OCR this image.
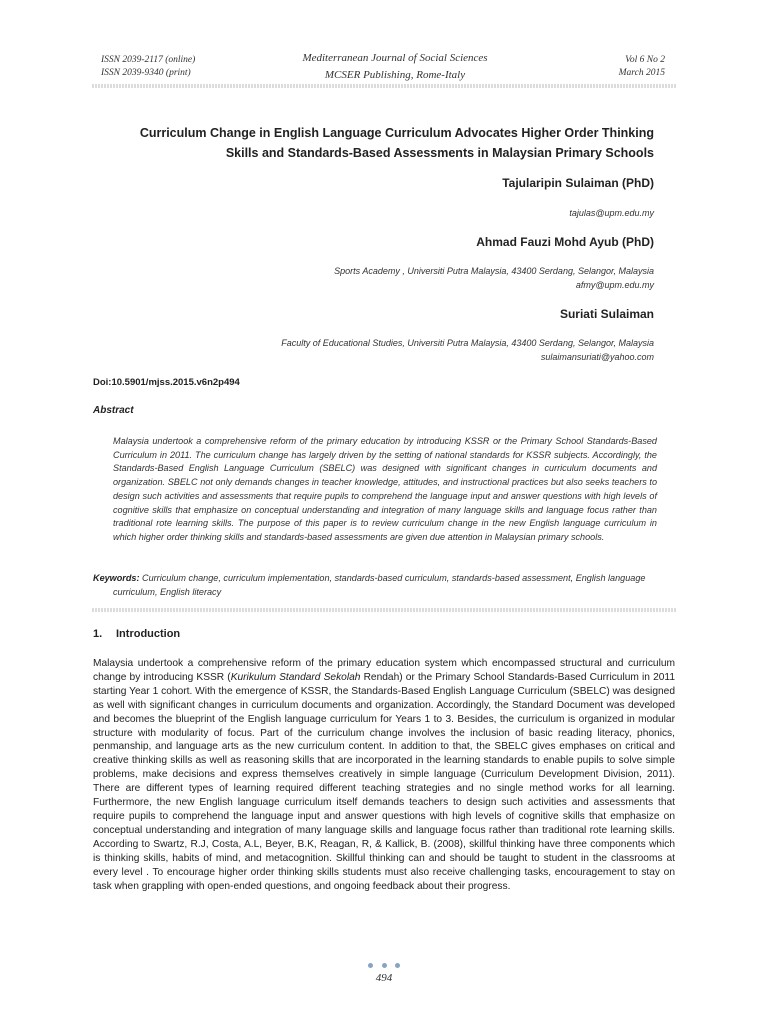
ISSN 2039-2117 (online)
ISSN 2039-9340 (print)
Mediterranean Journal of Social Sciences
MCSER Publishing, Rome-Italy
Vol 6 No 2
March 2015
Curriculum Change in English Language Curriculum Advocates Higher Order Thinking
Skills and Standards-Based Assessments in Malaysian Primary Schools
Tajularipin Sulaiman (PhD)
tajulas@upm.edu.my
Ahmad Fauzi Mohd Ayub (PhD)
Sports Academy , Universiti Putra Malaysia, 43400 Serdang, Selangor, Malaysia
afmy@upm.edu.my
Suriati Sulaiman
Faculty of Educational Studies, Universiti Putra Malaysia, 43400 Serdang, Selangor, Malaysia
sulaimansuriati@yahoo.com
Doi:10.5901/mjss.2015.v6n2p494
Abstract
Malaysia undertook a comprehensive reform of the primary education by introducing KSSR or the Primary School Standards-Based Curriculum in 2011. The curriculum change has largely driven by the setting of national standards for KSSR subjects. Accordingly, the Standards-Based English Language Curriculum (SBELC) was designed with significant changes in curriculum documents and organization. SBELC not only demands changes in teacher knowledge, attitudes, and instructional practices but also seeks teachers to design such activities and assessments that require pupils to comprehend the language input and answer questions with high levels of cognitive skills that emphasize on conceptual understanding and integration of many language skills and language focus rather than traditional rote learning skills. The purpose of this paper is to review curriculum change in the new English language curriculum in which higher order thinking skills and standards-based assessments are given due attention in Malaysian primary schools.
Keywords: Curriculum change, curriculum implementation, standards-based curriculum, standards-based assessment, English language curriculum, English literacy
1. Introduction
Malaysia undertook a comprehensive reform of the primary education system which encompassed structural and curriculum change by introducing KSSR (Kurikulum Standard Sekolah Rendah) or the Primary School Standards-Based Curriculum in 2011 starting Year 1 cohort. With the emergence of KSSR, the Standards-Based English Language Curriculum (SBELC) was designed as well with significant changes in curriculum documents and organization. Accordingly, the Standard Document was developed and becomes the blueprint of the English language curriculum for Years 1 to 3. Besides, the curriculum is organized in modular structure with modularity of focus. Part of the curriculum change involves the inclusion of basic reading literacy, phonics, penmanship, and language arts as the new curriculum content. In addition to that, the SBELC gives emphases on critical and creative thinking skills as well as reasoning skills that are incorporated in the learning standards to enable pupils to solve simple problems, make decisions and express themselves creatively in simple language (Curriculum Development Division, 2011). There are different types of learning required different teaching strategies and no single method works for all learning. Furthermore, the new English language curriculum itself demands teachers to design such activities and assessments that require pupils to comprehend the language input and answer questions with high levels of cognitive skills that emphasize on conceptual understanding and integration of many language skills and language focus rather than traditional rote learning skills. According to Swartz, R.J, Costa, A.L, Beyer, B.K, Reagan, R, & Kallick, B. (2008), skillful thinking have three components which is thinking skills, habits of mind, and metacognition. Skillful thinking can and should be taught to student in the classrooms at every level . To encourage higher order thinking skills students must also receive challenging tasks, encouragement to stay on task when grappling with open-ended questions, and ongoing feedback about their progress.
494
